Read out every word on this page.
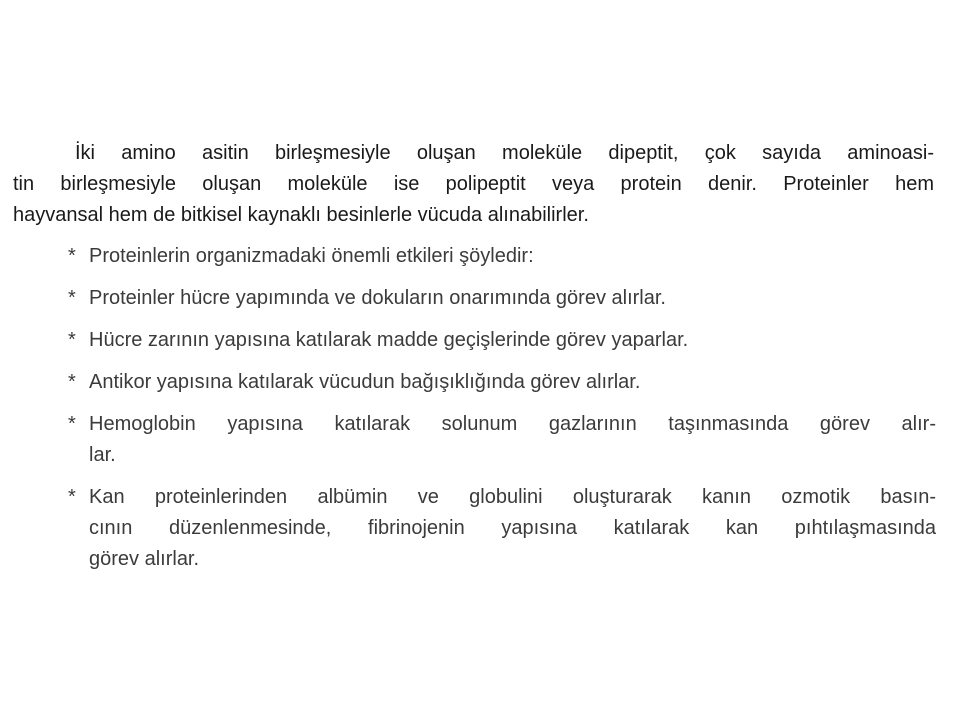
İki amino asitin birleşmesiyle oluşan moleküle dipeptit, çok sayıda aminoasi-
tin birleşmesiyle oluşan moleküle ise polipeptit veya protein denir. Proteinler hem
hayvansal hem de bitkisel kaynaklı besinlerle vücuda alınabilirler.

* Proteinlerin organizmadaki önemli etkileri şöyledir:
* Proteinler hücre yapımında ve dokuların onarımında görev alırlar.
* Hücre zarının yapısına katılarak madde geçişlerinde görev yaparlar.
* Antikor yapısına katılarak vücudun bağışıklığında görev alırlar.
* Hemoglobin yapısına katılarak solunum gazlarının taşınmasında görev alır-
lar.
* Kan proteinlerinden albümin ve globulini oluşturarak kanın ozmotik basın-
cının düzenlenmesinde, fibrinojenin yapısına katılarak kan pıhtılaşmasında
görev alırlar.
